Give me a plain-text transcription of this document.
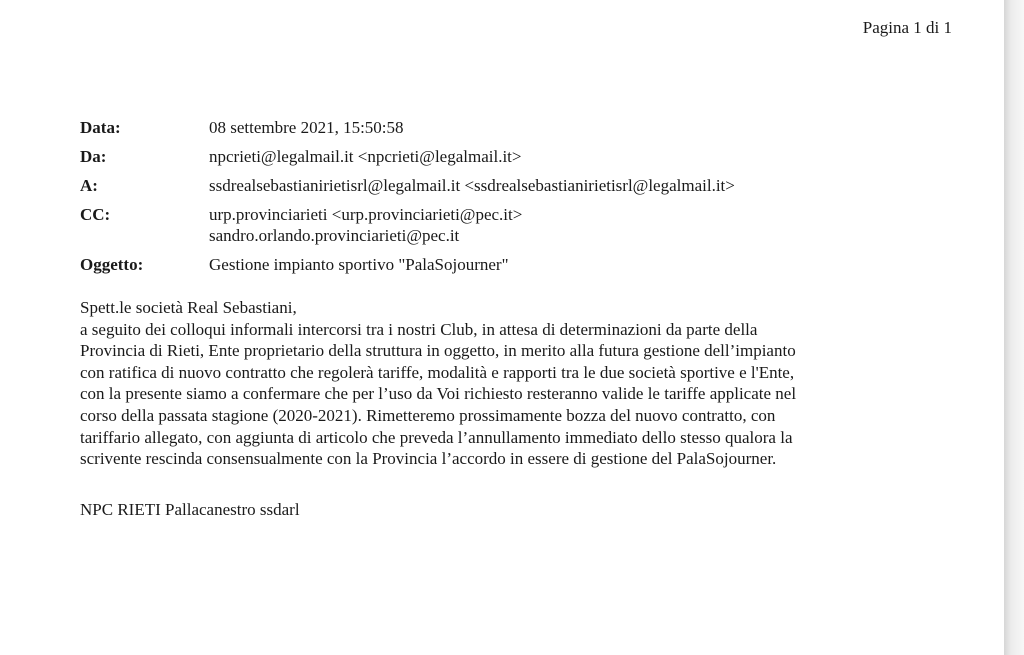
Pagina 1 di 1
Data:	08 settembre 2021, 15:50:58
Da:	npcrieti@legalmail.it <npcrieti@legalmail.it>
A:	ssdrealsebastianirietisrl@legalmail.it <ssdrealsebastianirietisrl@legalmail.it>
CC:	urp.provinciarieti <urp.provinciarieti@pec.it>
sandro.orlando.provinciarieti@pec.it
Oggetto:	Gestione impianto sportivo "PalaSojourner"
Spett.le società Real Sebastiani,
a seguito dei colloqui informali intercorsi tra i nostri Club, in attesa di determinazioni da parte della
Provincia di Rieti, Ente proprietario della struttura in oggetto, in merito alla futura gestione dell’impianto
con ratifica di nuovo contratto che regolerà tariffe, modalità e rapporti tra le due società sportive e l'Ente,
con la presente siamo a confermare che per l’uso da Voi richiesto resteranno valide le tariffe applicate nel
corso della passata stagione (2020-2021). Rimetteremo prossimamente bozza del nuovo contratto, con
tariffario allegato, con aggiunta di articolo che preveda l’annullamento immediato dello stesso qualora la
scrivente rescinda consensualmente con la Provincia l’accordo in essere di gestione del PalaSojourner.
NPC RIETI Pallacanestro ssdarl
